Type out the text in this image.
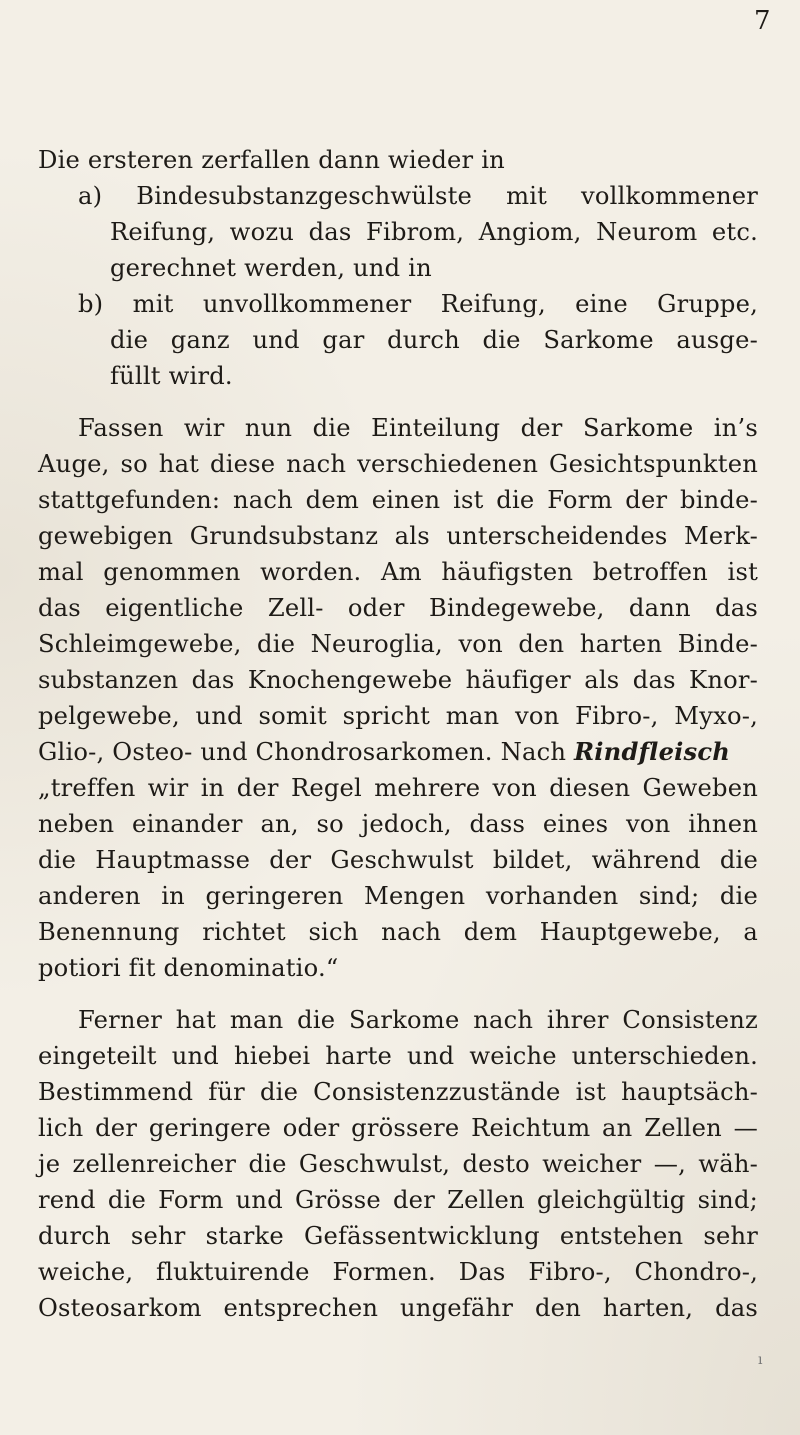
7
Die ersteren zerfallen dann wieder in
a) Bindesubstanzgeschwülste mit vollkommener
Reifung, wozu das Fibrom, Angiom, Neurom etc.
gerechnet werden, und in
b) mit unvollkommener Reifung, eine Gruppe,
die ganz und gar durch die Sarkome ausge-
füllt wird.
Fassen wir nun die Einteilung der Sarkome in’s
Auge, so hat diese nach verschiedenen Gesichtspunkten
stattgefunden: nach dem einen ist die Form der binde-
gewebigen Grundsubstanz als unterscheidendes Merk-
mal genommen worden. Am häufigsten betroffen ist
das eigentliche Zell- oder Bindegewebe, dann das
Schleimgewebe, die Neuroglia, von den harten Binde-
substanzen das Knochengewebe häufiger als das Knor-
pelgewebe, und somit spricht man von Fibro-, Myxo-,
Glio-, Osteo- und Chondrosarkomen. Nach Rindfleisch
„treffen wir in der Regel mehrere von diesen Geweben
neben einander an, so jedoch, dass eines von ihnen
die Hauptmasse der Geschwulst bildet, während die
anderen in geringeren Mengen vorhanden sind; die
Benennung richtet sich nach dem Hauptgewebe, a
potiori fit denominatio.“
Ferner hat man die Sarkome nach ihrer Consistenz
eingeteilt und hiebei harte und weiche unterschieden.
Bestimmend für die Consistenzzustände ist hauptsäch-
lich der geringere oder grössere Reichtum an Zellen —
je zellenreicher die Geschwulst, desto weicher —, wäh-
rend die Form und Grösse der Zellen gleichgültig sind;
durch sehr starke Gefässentwicklung entstehen sehr
weiche, fluktuirende Formen. Das Fibro-, Chondro-,
Osteosarkom entsprechen ungefähr den harten, das
ı
